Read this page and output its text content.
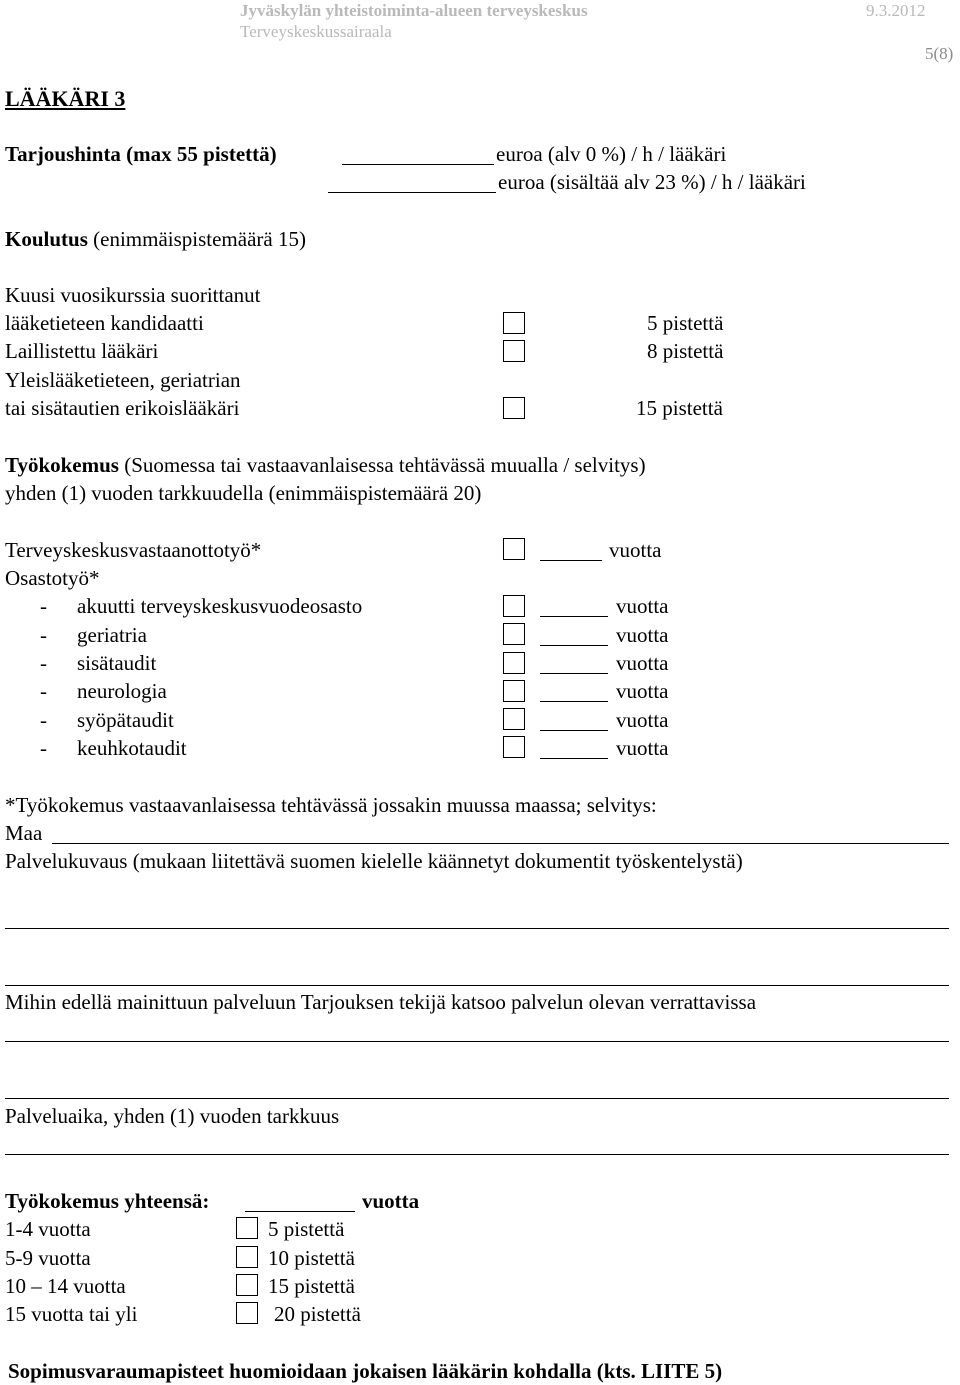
Jyväskylän yhteistoiminta-alueen terveyskeskus	9.3.2012
Terveyskeskussairaala
5(8)
LÄÄKÄRI 3
Tarjoushinta (max 55 pistettä)	euroa (alv 0 %) / h / lääkäri
euroa (sisältää alv 23 %) / h / lääkäri
Koulutus (enimmäispistemäärä 15)
Kuusi vuosikurssia suorittanut
lääketieteen kandidaatti	5 pistettä
Laillistettu lääkäri	8 pistettä
Yleislääketieteen, geriatrian
tai sisätautien erikoislääkäri	15 pistettä
Työkokemus (Suomessa tai vastaavanlaisessa tehtävässä muualla / selvitys)
yhden (1) vuoden tarkkuudella (enimmäispistemäärä 20)
Terveyskeskusvastaanottotyö*	vuotta
Osastotyö*
- akuutti terveyskeskusvuodeosasto	vuotta
- geriatria	vuotta
- sisätaudit	vuotta
- neurologia	vuotta
- syöpätaudit	vuotta
- keuhkotaudit	vuotta
*Työkokemus vastaavanlaisessa tehtävässä jossakin muussa maassa; selvitys:
Maa
Palvelukuvaus (mukaan liitettävä suomen kielelle käännetyt dokumentit työskentelystä)
Mihin edellä mainittuun palveluun Tarjouksen tekijä katsoo palvelun olevan verrattavissa
Palveluaika, yhden (1) vuoden tarkkuus
Työkokemus yhteensä:	vuotta
1-4 vuotta	5 pistettä
5-9 vuotta	10 pistettä
10 – 14 vuotta	15 pistettä
15 vuotta tai yli	20 pistettä
Sopimusvaraumapisteet huomioidaan jokaisen lääkärin kohdalla (kts. LIITE 5)
